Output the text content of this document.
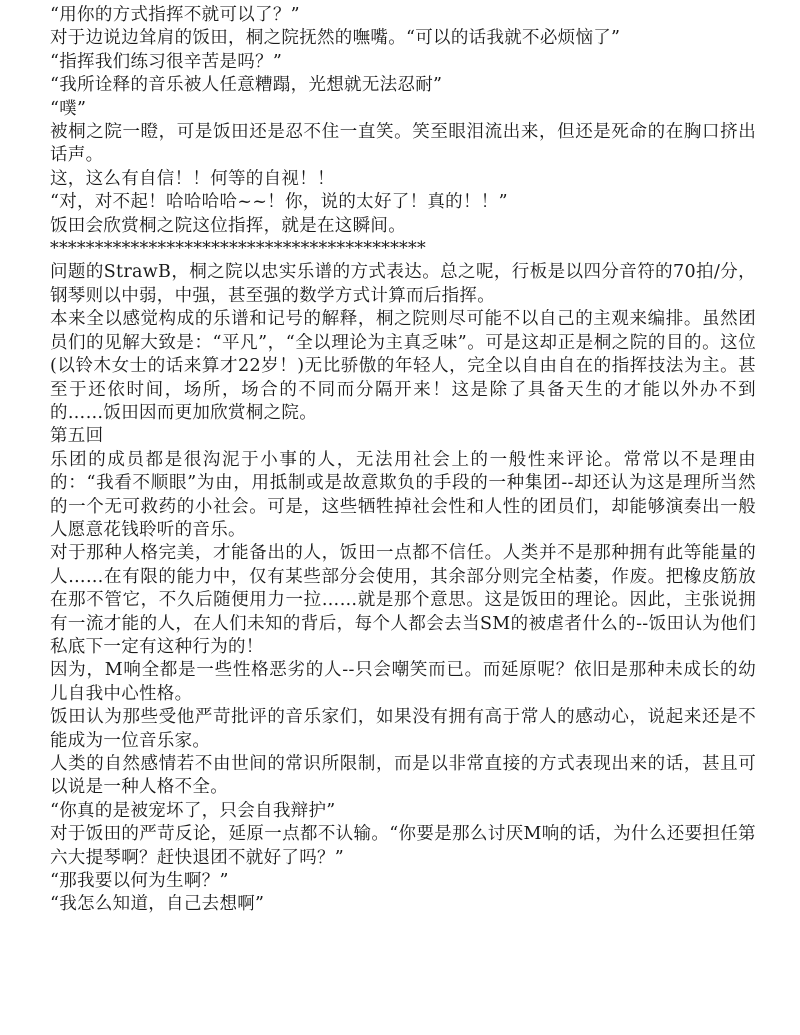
“用你的方式指挥不就可以了？”

对于边说边耸肩的饭田，桐之院抚然的嘸嘴。“可以的话我就不必烦恼了”

“指挥我们练习很辛苦是吗？”

“我所诠释的音乐被人任意糟蹋，光想就无法忍耐”

“噗”

被桐之院一瞪，可是饭田还是忍不住一直笑。笑至眼泪流出来，但还是死命的在胸口挤出话声。

这，这么有自信！！何等的自视！！

“对，对不起！哈哈哈哈~~！你，说的太好了！真的！！”

饭田会欣赏桐之院这位指挥，就是在这瞬间。

******************************************

问题的StrawB，桐之院以忠实乐谱的方式表达。总之呢，行板是以四分音符的70拍/分，钢琴则以中弱，中强，甚至强的数学方式计算而后指挥。

本来全以感觉构成的乐谱和记号的解释，桐之院则尽可能不以自己的主观来编排。虽然团员们的见解大致是：“平凡”，“全以理论为主真乏味”。可是这却正是桐之院的目的。这位(以铃木女士的话来算才22岁！)无比骄傲的年轻人，完全以自由自在的指挥技法为主。甚至于还依时间，场所，场合的不同而分隔开来！这是除了具备天生的才能以外办不到的……饭田因而更加欣赏桐之院。

第五回

乐团的成员都是很沟泥于小事的人，无法用社会上的一般性来评论。常常以不是理由的：“我看不顺眼”为由，用抵制或是故意欺负的手段的一种集团--却还认为这是理所当然的一个无可救药的小社会。可是，这些牺牲掉社会性和人性的团员们，却能够演奏出一般人愿意花钱聆听的音乐。

对于那种人格完美，才能备出的人，饭田一点都不信任。人类并不是那种拥有此等能量的人……在有限的能力中，仅有某些部分会使用，其余部分则完全枯萎，作废。把橡皮筋放在那不管它，不久后随便用力一拉……就是那个意思。这是饭田的理论。因此，主张说拥有一流才能的人，在人们未知的背后，每个人都会去当SM的被虐者什么的--饭田认为他们私底下一定有这种行为的！

因为，M响全都是一些性格恶劣的人--只会嘲笑而已。而延原呢？依旧是那种未成长的幼儿自我中心性格。

饭田认为那些受他严苛批评的音乐家们，如果没有拥有高于常人的感动心，说起来还是不能成为一位音乐家。

人类的自然感情若不由世间的常识所限制，而是以非常直接的方式表现出来的话，甚且可以说是一种人格不全。

“你真的是被宠坏了，只会自我辩护”

对于饭田的严苛反论，延原一点都不认输。“你要是那么讨厌M响的话，为什么还要担任第六大提琴啊？赶快退团不就好了吗？”

“那我要以何为生啊？”

“我怎么知道，自己去想啊”
